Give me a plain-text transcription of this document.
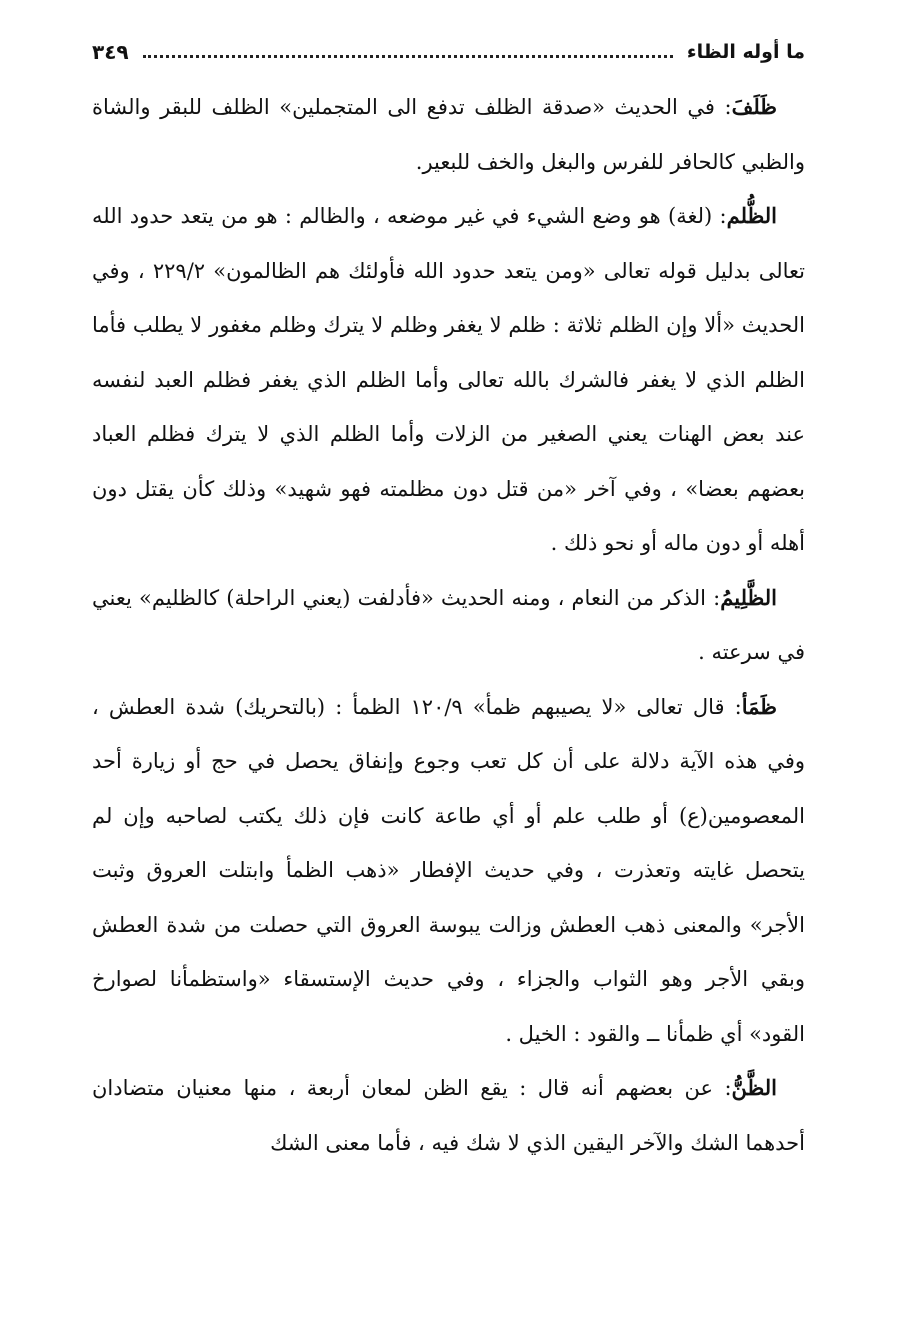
ما أوله الظاء
٣٤٩

ظَلَفَ: في الحديث «صدقة الظلف تدفع الى المتجملين» الظلف للبقر والشاة والظبي كالحافر للفرس والبغل والخف للبعير.

الظُّلم: (لغة) هو وضع الشيء في غير موضعه ، والظالم : هو من يتعد حدود الله تعالى بدليل قوله تعالى «ومن يتعد حدود الله فأولئك هم الظالمون» ٢٢٩/٢ ، وفي الحديث «ألا وإن الظلم ثلاثة : ظلم لا يغفر وظلم لا يترك وظلم مغفور لا يطلب فأما الظلم الذي لا يغفر فالشرك بالله تعالى وأما الظلم الذي يغفر فظلم العبد لنفسه عند بعض الهنات يعني الصغير من الزلات وأما الظلم الذي لا يترك فظلم العباد بعضهم بعضا» ، وفي آخر «من قتل دون مظلمته فهو شهيد» وذلك كأن يقتل دون أهله أو دون ماله أو نحو ذلك .

الظَّلِيمُ: الذكر من النعام ، ومنه الحديث «فأدلفت (يعني الراحلة) كالظليم» يعني في سرعته .

ظَمَأ: قال تعالى «لا يصيبهم ظمأ» ١٢٠/٩ الظمأ : (بالتحريك) شدة العطش ، وفي هذه الآية دلالة على أن كل تعب وجوع وإنفاق يحصل في حج أو زيارة أحد المعصومين(ع) أو طلب علم أو أي طاعة كانت فإن ذلك يكتب لصاحبه وإن لم يتحصل غايته وتعذرت ، وفي حديث الإفطار «ذهب الظمأ وابتلت العروق وثبت الأجر» والمعنى ذهب العطش وزالت يبوسة العروق التي حصلت من شدة العطش وبقي الأجر وهو الثواب والجزاء ، وفي حديث الإستسقاء «واستظمأنا لصوارخ القود» أي ظمأنا ــ والقود : الخيل .

الظَّنُّ: عن بعضهم أنه قال : يقع الظن لمعان أربعة ، منها معنيان متضادان أحدهما الشك والآخر اليقين الذي لا شك فيه ، فأما معنى الشك
